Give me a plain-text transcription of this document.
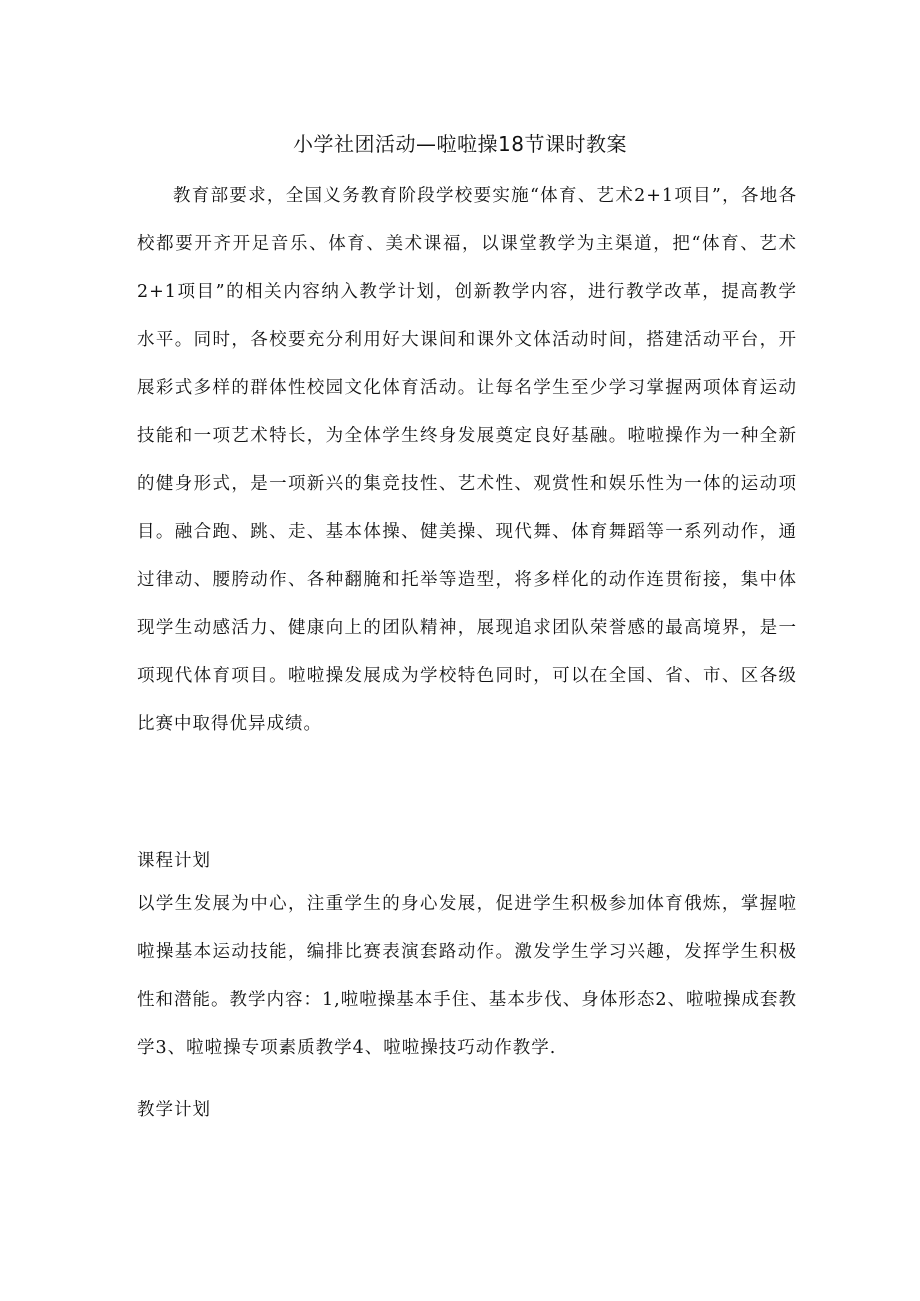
小学社团活动—啦啦操18节课时教案

教育部要求，全国义务教育阶段学校要实施“体育、艺术2+1项目”，各地各校都要开齐开足音乐、体育、美术课福，以课堂教学为主渠道，把“体育、艺术2+1项目”的相关内容纳入教学计划，创新教学内容，进行教学改革，提高教学水平。同时，各校要充分利用好大课间和课外文体活动时间，搭建活动平台，开展彩式多样的群体性校园文化体育活动。让每名学生至少学习掌握两项体育运动技能和一项艺术特长，为全体学生终身发展奠定良好基融。啦啦操作为一种全新的健身形式，是一项新兴的集竞技性、艺术性、观赏性和娱乐性为一体的运动项目。融合跑、跳、走、基本体操、健美操、现代舞、体育舞蹈等一系列动作，通过律动、腰胯动作、各种翻腌和托举等造型，将多样化的动作连贯衔接，集中体现学生动感活力、健康向上的团队精神，展现追求团队荣誉感的最高境界，是一项现代体育项目。啦啦操发展成为学校特色同时，可以在全国、省、市、区各级比赛中取得优异成绩。

课程计划

以学生发展为中心，注重学生的身心发展，促进学生积极参加体育俄炼，掌握啦啦操基本运动技能，编排比赛表演套路动作。激发学生学习兴趣，发挥学生积极性和潜能。教学内容：1,啦啦操基本手住、基本步伐、身体形态2、啦啦操成套教学3、啦啦操专项素质教学4、啦啦操技巧动作教学.

教学计划
